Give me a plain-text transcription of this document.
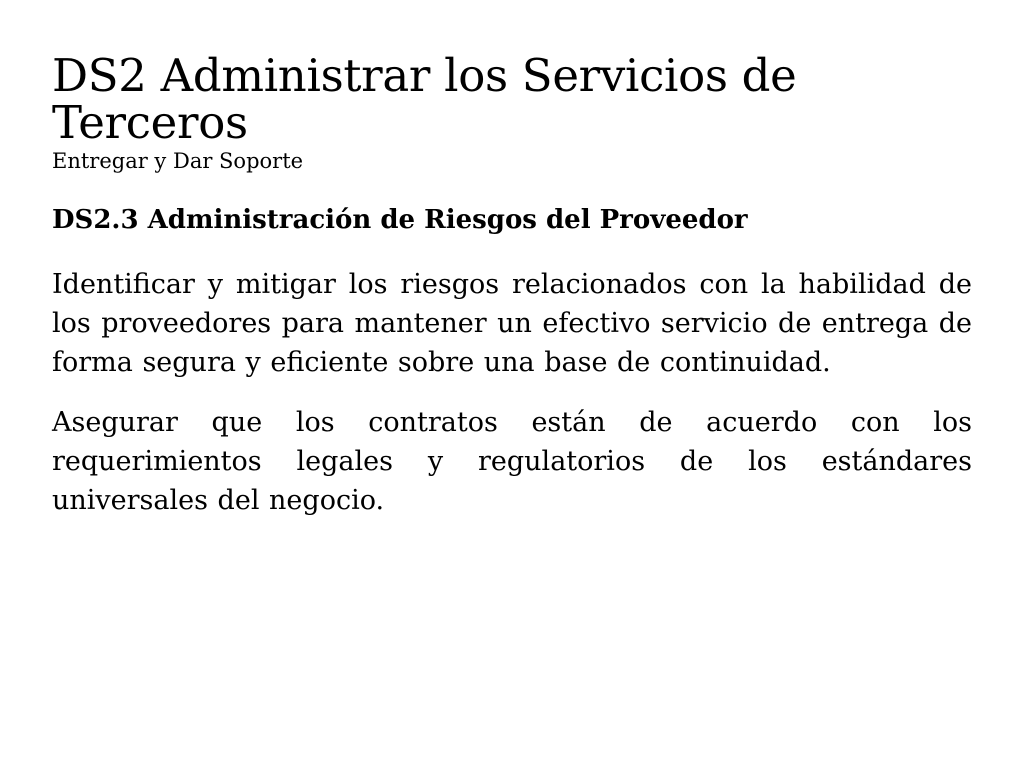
DS2 Administrar los Servicios de Terceros
Entregar y Dar Soporte
DS2.3 Administración de Riesgos del Proveedor

Identificar y mitigar los riesgos relacionados con la habilidad de los proveedores para mantener un efectivo servicio de entrega de forma segura y eficiente sobre una base de continuidad.

Asegurar que los contratos están de acuerdo con los requerimientos legales y regulatorios de los estándares universales del negocio.
